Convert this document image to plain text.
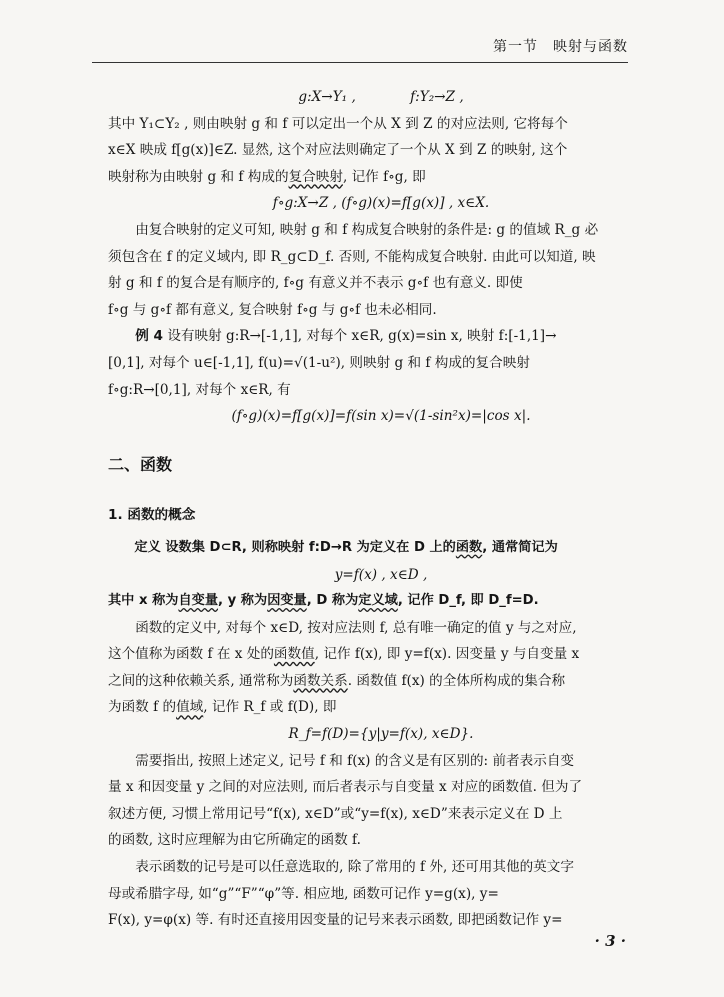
第一节　映射与函数

g:X→Y₁ ,　　　　f:Y₂→Z ,

其中 Y₁⊂Y₂ , 则由映射 g 和 f 可以定出一个从 X 到 Z 的对应法则, 它将每个

x∈X 映成 f[g(x)]∈Z. 显然, 这个对应法则确定了一个从 X 到 Z 的映射, 这个

映射称为由映射 g 和 f 构成的复合映射, 记作 f∘g, 即

f∘g:X→Z , (f∘g)(x)=f[g(x)] , x∈X.

由复合映射的定义可知, 映射 g 和 f 构成复合映射的条件是: g 的值域 R_g 必

须包含在 f 的定义域内, 即 R_g⊂D_f. 否则, 不能构成复合映射. 由此可以知道, 映

射 g 和 f 的复合是有顺序的, f∘g 有意义并不表示 g∘f 也有意义. 即使

f∘g 与 g∘f 都有意义, 复合映射 f∘g 与 g∘f 也未必相同.

例 4 设有映射 g:R→[-1,1], 对每个 x∈R, g(x)=sin x, 映射 f:[-1,1]→

[0,1], 对每个 u∈[-1,1], f(u)=√(1-u²), 则映射 g 和 f 构成的复合映射

f∘g:R→[0,1], 对每个 x∈R, 有

(f∘g)(x)=f[g(x)]=f(sin x)=√(1-sin²x)=|cos x|.

二、函数
1. 函数的概念

定义 设数集 D⊂R, 则称映射 f:D→R 为定义在 D 上的函数, 通常简记为

y=f(x) , x∈D ,

其中 x 称为自变量, y 称为因变量, D 称为定义域, 记作 D_f, 即 D_f=D.

函数的定义中, 对每个 x∈D, 按对应法则 f, 总有唯一确定的值 y 与之对应,

这个值称为函数 f 在 x 处的函数值, 记作 f(x), 即 y=f(x). 因变量 y 与自变量 x

之间的这种依赖关系, 通常称为函数关系. 函数值 f(x) 的全体所构成的集合称

为函数 f 的值域, 记作 R_f 或 f(D), 即

R_f=f(D)={y|y=f(x), x∈D}.

需要指出, 按照上述定义, 记号 f 和 f(x) 的含义是有区别的: 前者表示自变

量 x 和因变量 y 之间的对应法则, 而后者表示与自变量 x 对应的函数值. 但为了

叙述方便, 习惯上常用记号“f(x), x∈D”或“y=f(x), x∈D”来表示定义在 D 上

的函数, 这时应理解为由它所确定的函数 f.

表示函数的记号是可以任意选取的, 除了常用的 f 外, 还可用其他的英文字

母或希腊字母, 如“g”“F”“φ”等. 相应地, 函数可记作 y=g(x), y=

F(x), y=φ(x) 等. 有时还直接用因变量的记号来表示函数, 即把函数记作 y=

· 3 ·
